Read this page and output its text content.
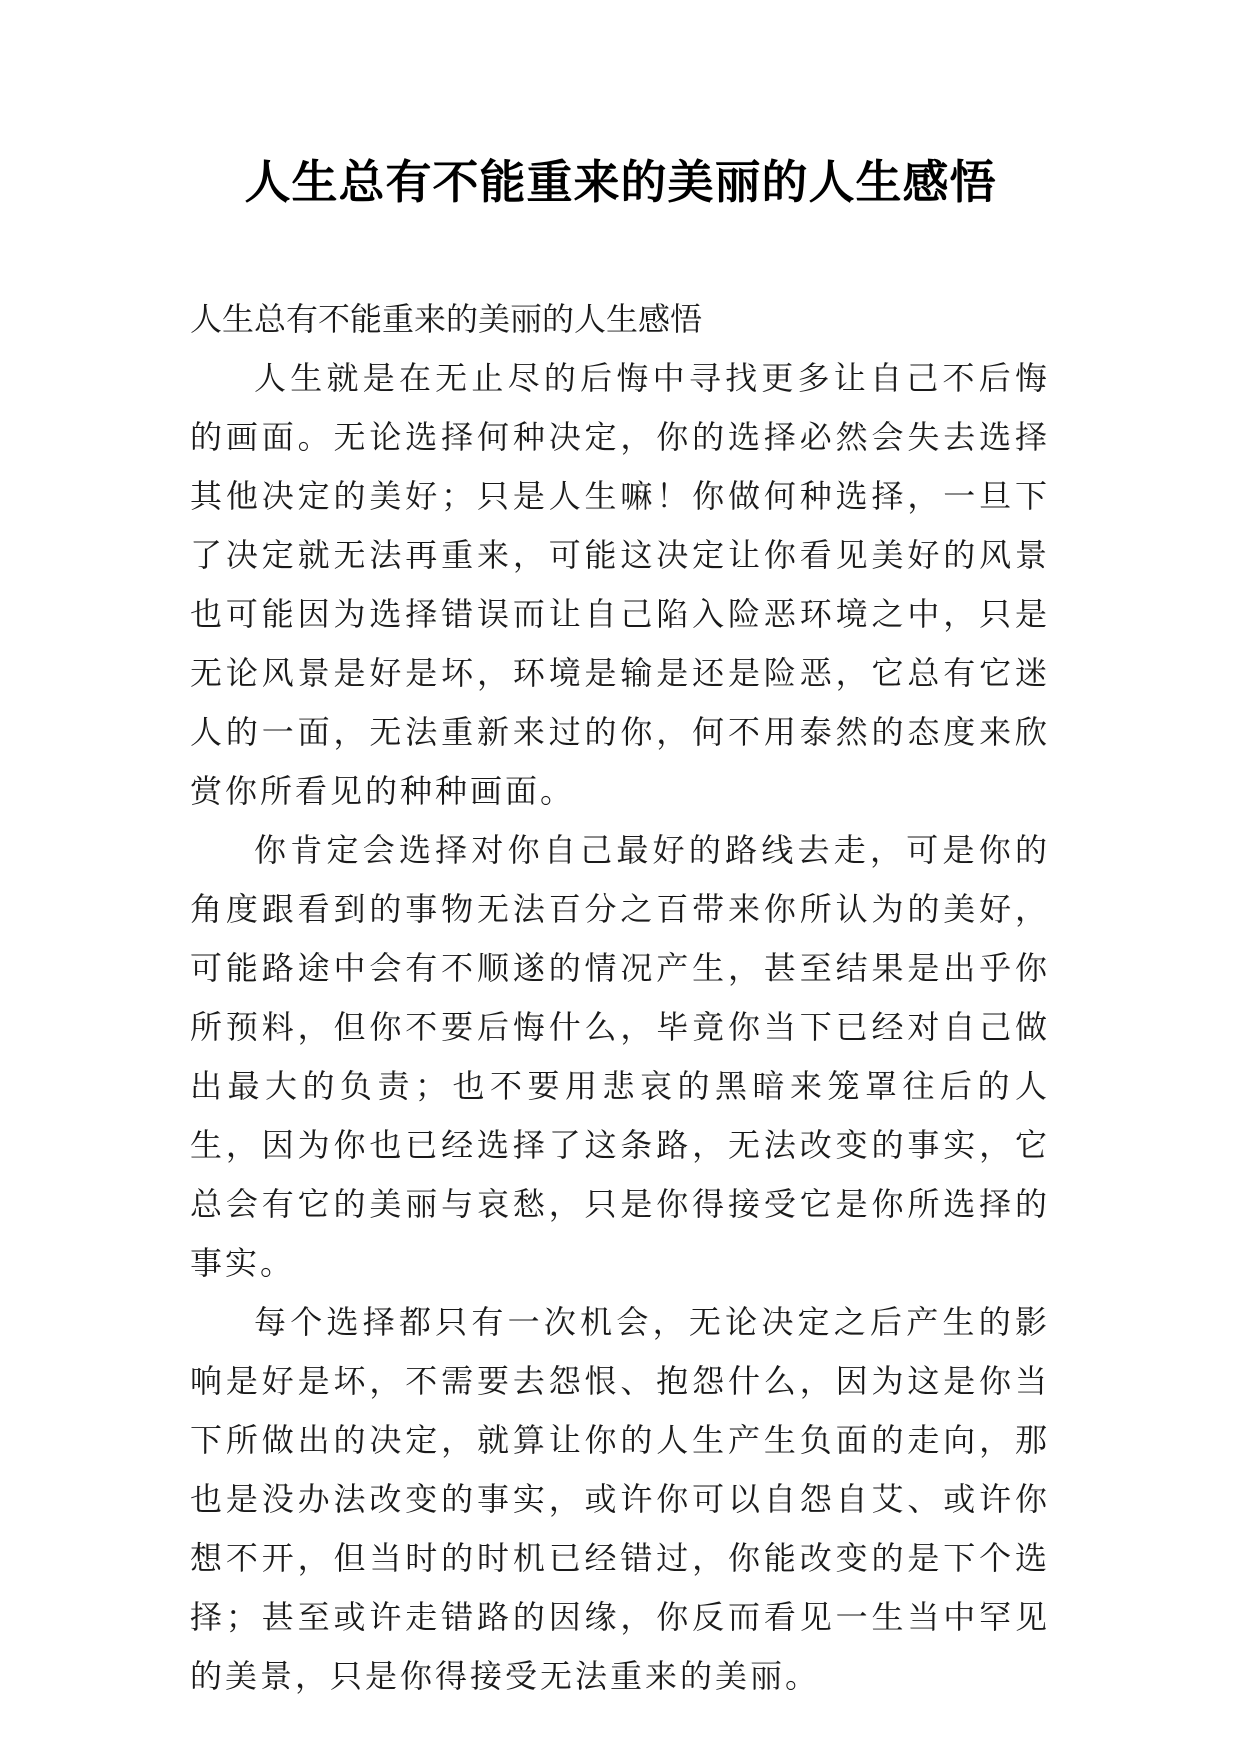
人生总有不能重来的美丽的人生感悟

人生总有不能重来的美丽的人生感悟

人生就是在无止尽的后悔中寻找更多让自己不后悔的画面。无论选择何种决定，你的选择必然会失去选择其他决定的美好；只是人生嘛！你做何种选择，一旦下了决定就无法再重来，可能这决定让你看见美好的风景也可能因为选择错误而让自己陷入险恶环境之中，只是无论风景是好是坏，环境是输是还是险恶，它总有它迷人的一面，无法重新来过的你，何不用泰然的态度来欣赏你所看见的种种画面。

你肯定会选择对你自己最好的路线去走，可是你的角度跟看到的事物无法百分之百带来你所认为的美好，可能路途中会有不顺遂的情况产生，甚至结果是出乎你所预料，但你不要后悔什么，毕竟你当下已经对自己做出最大的负责；也不要用悲哀的黑暗来笼罩往后的人生，因为你也已经选择了这条路，无法改变的事实，它总会有它的美丽与哀愁，只是你得接受它是你所选择的事实。

每个选择都只有一次机会，无论决定之后产生的影响是好是坏，不需要去怨恨、抱怨什么，因为这是你当下所做出的决定，就算让你的人生产生负面的走向，那也是没办法改变的事实，或许你可以自怨自艾、或许你想不开，但当时的时机已经错过，你能改变的是下个选择；甚至或许走错路的因缘，你反而看见一生当中罕见的美景，只是你得接受无法重来的美丽。
